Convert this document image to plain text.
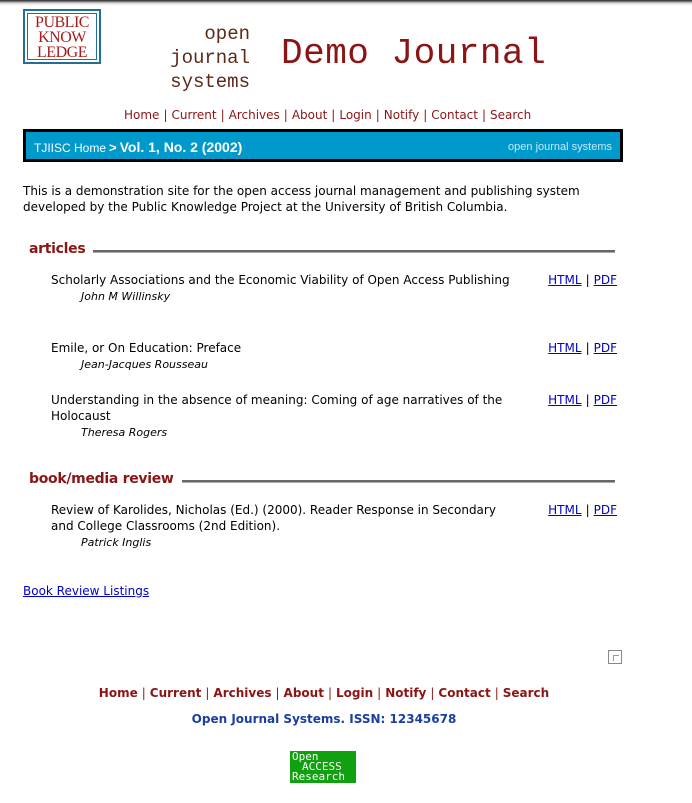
PUBLIC
KNOW
LEDGE
open
journal
systems
Demo Journal
Home | Current | Archives | About | Login | Notify | Contact | Search
TJIISC Home > Vol. 1, No. 2 (2002)	open journal systems
This is a demonstration site for the open access journal management and publishing system developed by the Public Knowledge Project at the University of British Columbia.
articles
Scholarly Associations and the Economic Viability of Open Access Publishing
John M Willinsky
HTML | PDF
Emile, or On Education: Preface
Jean-Jacques Rousseau
HTML | PDF
Understanding in the absence of meaning: Coming of age narratives of the Holocaust
Theresa Rogers
HTML | PDF
book/media review
Review of Karolides, Nicholas (Ed.) (2000). Reader Response in Secondary and College Classrooms (2nd Edition).
Patrick Inglis
HTML | PDF
Book Review Listings
Home | Current | Archives | About | Login | Notify | Contact | Search
Open Journal Systems. ISSN: 12345678
Open
ACCESS
Research
